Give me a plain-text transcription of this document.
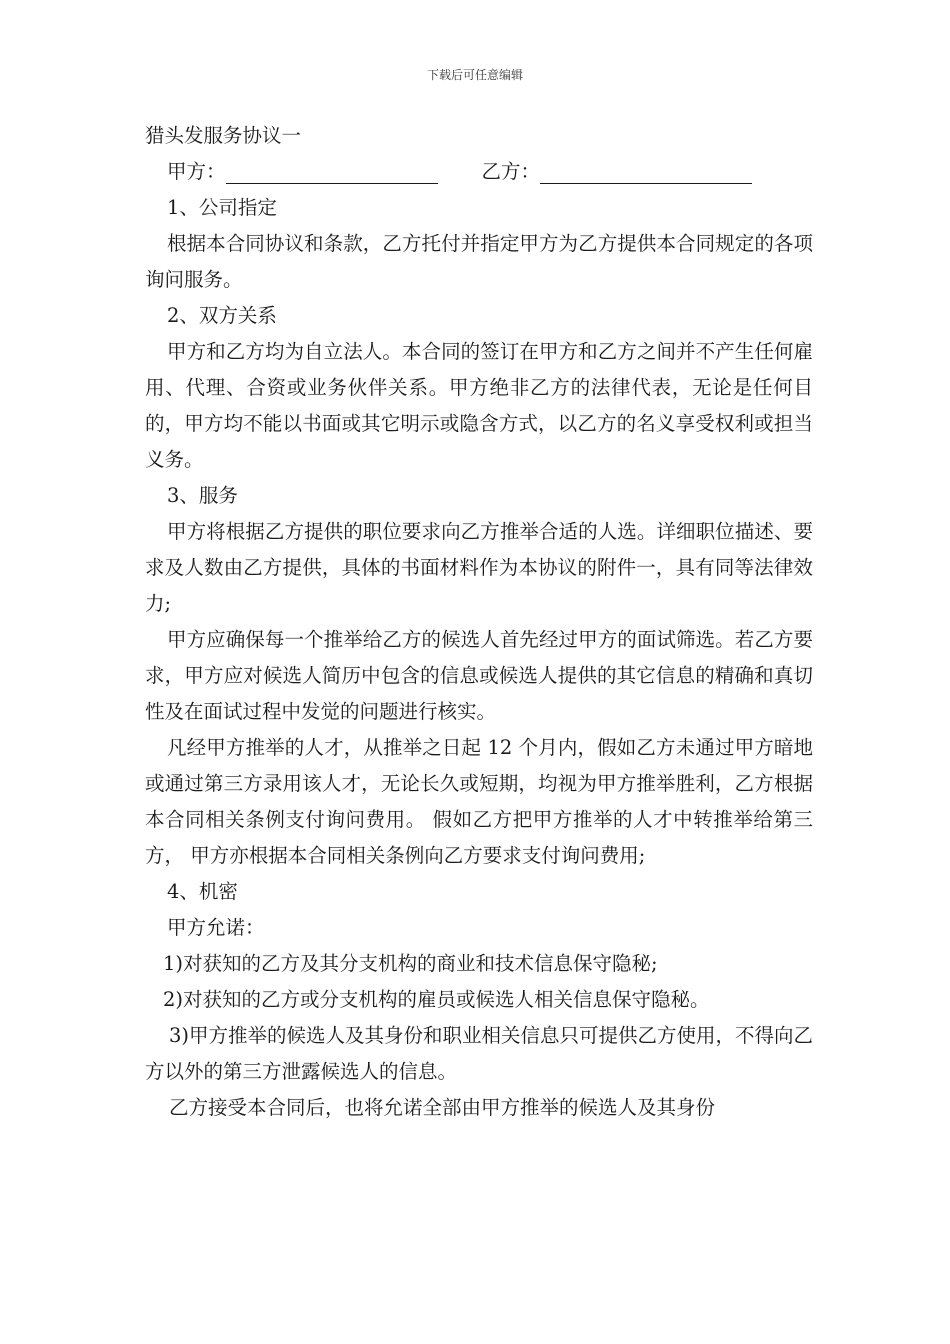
下载后可任意编辑
猎头发服务协议一
甲方：	乙方：
1、公司指定

根据本合同协议和条款，乙方托付并指定甲方为乙方提供本合同规定的各项询问服务。

2、双方关系

甲方和乙方均为自立法人。本合同的签订在甲方和乙方之间并不产生任何雇用、代理、合资或业务伙伴关系。甲方绝非乙方的法律代表，无论是任何目的，甲方均不能以书面或其它明示或隐含方式，以乙方的名义享受权利或担当义务。

3、服务

甲方将根据乙方提供的职位要求向乙方推举合适的人选。详细职位描述、要求及人数由乙方提供，具体的书面材料作为本协议的附件一，具有同等法律效力;

甲方应确保每一个推举给乙方的候选人首先经过甲方的面试筛选。若乙方要求，甲方应对候选人简历中包含的信息或候选人提供的其它信息的精确和真切性及在面试过程中发觉的问题进行核实。

凡经甲方推举的人才，从推举之日起 12 个月内，假如乙方未通过甲方暗地或通过第三方录用该人才，无论长久或短期，均视为甲方推举胜利，乙方根据本合同相关条例支付询问费用。 假如乙方把甲方推举的人才中转推举给第三方， 甲方亦根据本合同相关条例向乙方要求支付询问费用;

4、机密

甲方允诺：

1)对获知的乙方及其分支机构的商业和技术信息保守隐秘;

2)对获知的乙方或分支机构的雇员或候选人相关信息保守隐秘。

3)甲方推举的候选人及其身份和职业相关信息只可提供乙方使用，不得向乙方以外的第三方泄露候选人的信息。

乙方接受本合同后，也将允诺全部由甲方推举的候选人及其身份
